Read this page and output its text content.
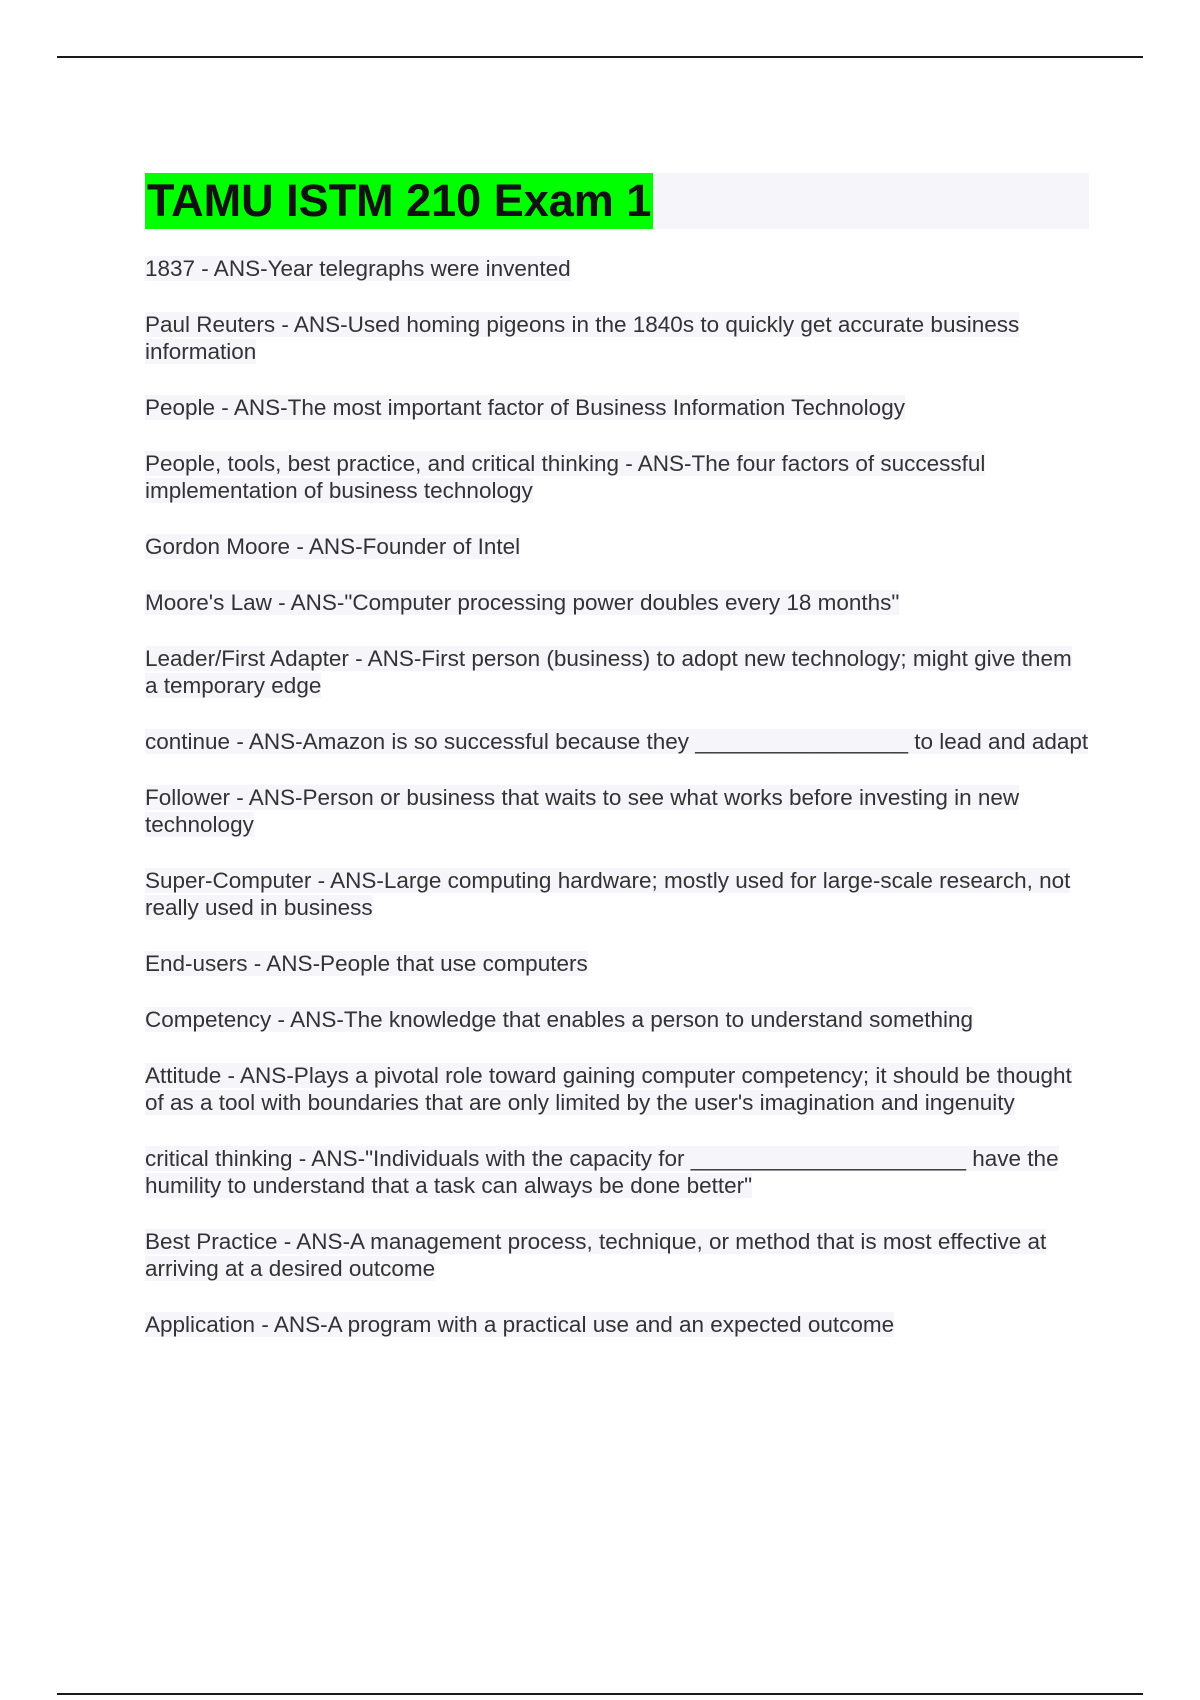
TAMU ISTM 210 Exam 1
1837 - ANS-Year telegraphs were invented
Paul Reuters - ANS-Used homing pigeons in the 1840s to quickly get accurate business information
People - ANS-The most important factor of Business Information Technology
People, tools, best practice, and critical thinking - ANS-The four factors of successful implementation of business technology
Gordon Moore - ANS-Founder of Intel
Moore's Law - ANS-"Computer processing power doubles every 18 months"
Leader/First Adapter - ANS-First person (business) to adopt new technology; might give them a temporary edge
continue - ANS-Amazon is so successful because they _________________ to lead and adapt
Follower - ANS-Person or business that waits to see what works before investing in new technology
Super-Computer - ANS-Large computing hardware; mostly used for large-scale research, not really used in business
End-users - ANS-People that use computers
Competency - ANS-The knowledge that enables a person to understand something
Attitude - ANS-Plays a pivotal role toward gaining computer competency; it should be thought of as a tool with boundaries that are only limited by the user's imagination and ingenuity
critical thinking - ANS-"Individuals with the capacity for ______________________ have the humility to understand that a task can always be done better"
Best Practice - ANS-A management process, technique, or method that is most effective at arriving at a desired outcome
Application - ANS-A program with a practical use and an expected outcome
